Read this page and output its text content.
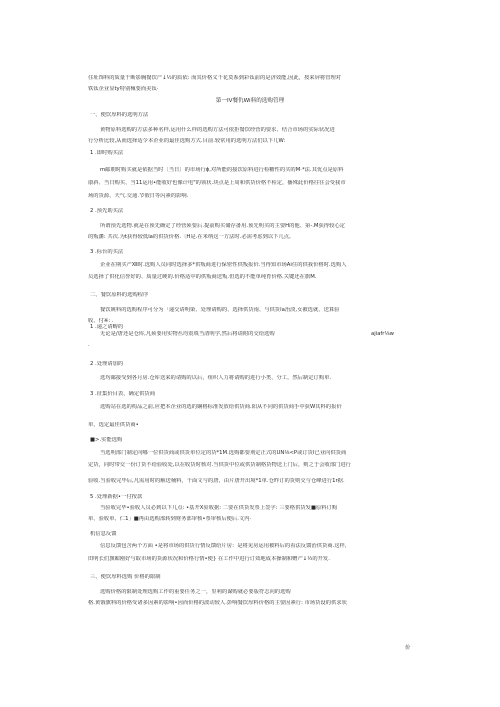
住址饰料的质量干断影胸餐饮产↓½的质依: 而其价格义千花莫系到彩钛前的是济效能,因此，按来屏将管理对
铁钛企业显ty特别械要而美钛·
第一IV餐仇Wi料的选购管理
一、便饮厚料的选明方法
黄物原料选购的方法多种名样,运用什么样的选购方法可依拒餐饮经营的要求、结合市场的实际状况进
行分析比较,从而选择适令本企业的最佳选购方式.目前.较常用的选明方法们以下几W:
1 .即时购买法
m邮朝时购买就是依据当时〔当日〕的市场行ϕ,对所能的接饮原料进行检糖性的买的M·*法.其优点是原料
康斜、当日购买、当11运用•能收好也像计电"的领状.块点是上周和供货价格不检定，播殊此价格往往会受我市
场的货源、天气.交通.节假日等闪素的影响.
2 .预先助买法
所谓预先选物.就是在预先确定了经营须要后.提前购买储存备用.预先明买的主要H的他、第-.M获得较心定
的叛藩: 共次.为t获得较低la的供货价格.〔H是.在米纳这一方法时.必需考虑到以下几点,
3 .标台的买法
企业在期买产Ⅻ时.选购人员同时选择多*供叛商进行保密性供叛报价.当得知市场Ai住的供我价格时.选购人
员选择了供化信誉好的、质量过硬的.价格适中的供叛商送叛.但选的不能单纯育价格.关键还在旗M.
二、餐饮原料的选购程序
餐饮姚料的选购程序可分为「递交请明染、处理请购的、选择供货南、与供货la治淡,女被选就、送算验
收、付※: .
1 .递之请畴的
无论是/唐还是仓库,凡须要用实物丛均震填当清明学,然后将请附的交给选购
.
2 .处理请加的
选均邮接受到各月房.仓库送来的请购的以后，组织人力将请购的进行小类、分工，然后制定订购单.
3 .征集价目表，确定供货商
选购站在选的构品之前,应把本企业的选的娴格标准发放给供货商.阳从不同的供货商手中获W其料的报价
单，选定最佳供货商•
■>.实能选购
当选明部门制定向哪一位供货商或供货单位定的货*1M.选购都要剂定正式的UN⅛<P或订货I已业向供货商
定货，同时带交一份订货不给验收处,以在收货时核对.当供货中位或供货制格货物送上门后，则之于会收部门进行
验收.当验收完毕后,凡需用时的解送桶料，干面文与的唐，由片唐开出境*1单.仓昨订的货则交与仓峰进行1r据.
5 .处理新据•一付按款
当验收完毕•验收人员必到以下几点: •基开X验收据: 二要在供货发票上签字: 三要格供货发■原料订购
单、验收单、仁1」■再由选购部转到财务部审核•票审核后便后.文内·
机信息反馈
信息反馈包含两个方面 •是将市场的供货行情反馈给片房：是将见房运用被料后的看法反馈治供货商.这样,
田明长们旗媚刚好与取市场的货源状况和价格行情•便} 在工作中进行订效地成本操制和赠产↓½的开发.
三、便饮厚料选购 价格的限制
选购价格的限制处理选购工作的重要任务之一，里利的谋购就必要版符志向的选购
格.黄饿旗料的价格受诸多因素的影响•因而价格的波动较人.彭响餐饮厚料价格的主要因素行: 市场货设的供求状
ajiafr⅛w
价
